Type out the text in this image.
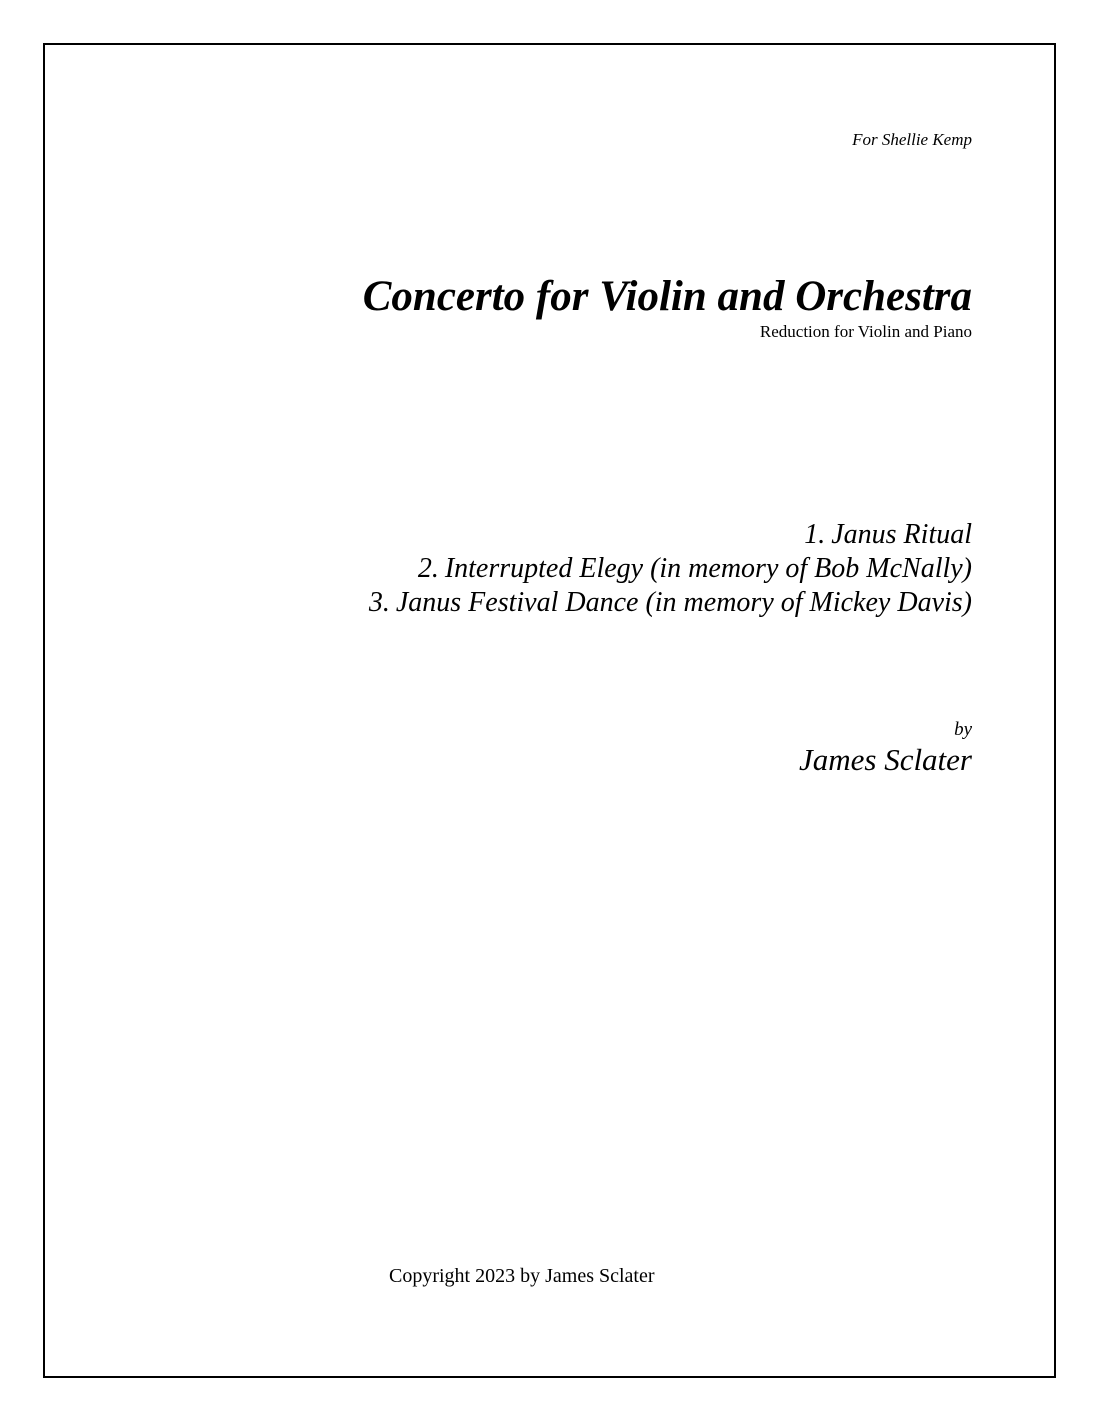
For Shellie Kemp
Concerto for Violin and Orchestra
Reduction for Violin and Piano
1. Janus Ritual
2. Interrupted Elegy (in memory of Bob McNally)
3. Janus Festival Dance (in memory of Mickey Davis)
by
James Sclater
Copyright 2023 by James Sclater
